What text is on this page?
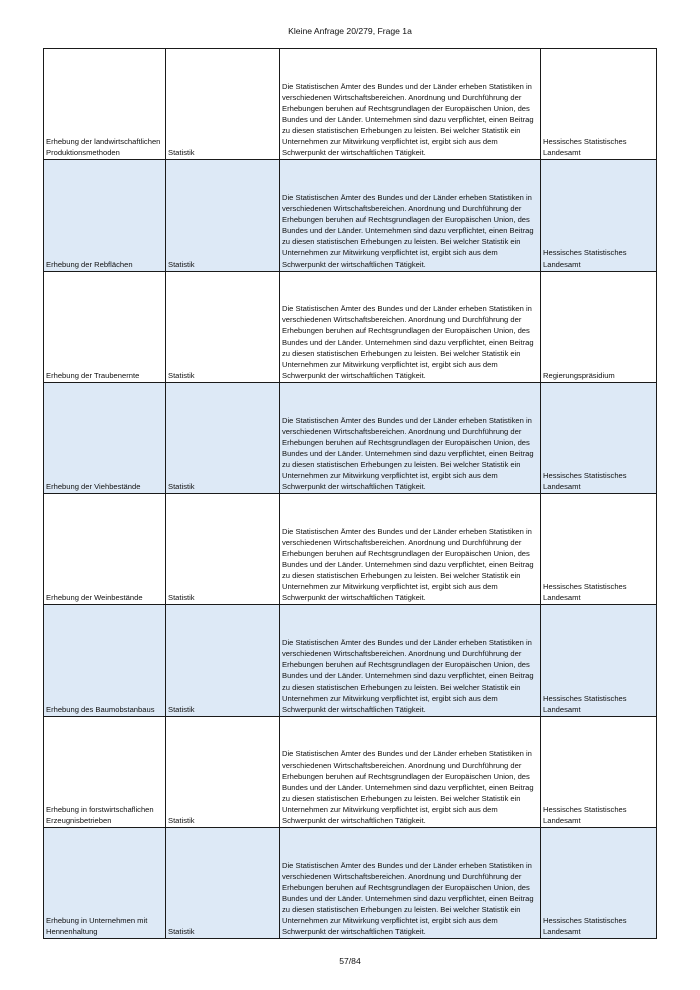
Kleine Anfrage 20/279, Frage 1a
Erhebung der landwirtschaftlichen Produktionsmethoden	Statistik	Die Statistischen Ämter des Bundes und der Länder erheben Statistiken in verschiedenen Wirtschaftsbereichen. Anordnung und Durchführung der Erhebungen beruhen auf Rechtsgrundlagen der Europäischen Union, des Bundes und der Länder. Unternehmen sind dazu verpflichtet, einen Beitrag zu diesen statistischen Erhebungen zu leisten. Bei welcher Statistik ein Unternehmen zur Mitwirkung verpflichtet ist, ergibt sich aus dem Schwerpunkt der wirtschaftlichen Tätigkeit.	Hessisches Statistisches Landesamt
Erhebung der Rebflächen	Statistik	Die Statistischen Ämter des Bundes und der Länder erheben Statistiken in verschiedenen Wirtschaftsbereichen. Anordnung und Durchführung der Erhebungen beruhen auf Rechtsgrundlagen der Europäischen Union, des Bundes und der Länder. Unternehmen sind dazu verpflichtet, einen Beitrag zu diesen statistischen Erhebungen zu leisten. Bei welcher Statistik ein Unternehmen zur Mitwirkung verpflichtet ist, ergibt sich aus dem Schwerpunkt der wirtschaftlichen Tätigkeit.	Hessisches Statistisches Landesamt
Erhebung der Traubenernte	Statistik	Die Statistischen Ämter des Bundes und der Länder erheben Statistiken in verschiedenen Wirtschaftsbereichen. Anordnung und Durchführung der Erhebungen beruhen auf Rechtsgrundlagen der Europäischen Union, des Bundes und der Länder. Unternehmen sind dazu verpflichtet, einen Beitrag zu diesen statistischen Erhebungen zu leisten. Bei welcher Statistik ein Unternehmen zur Mitwirkung verpflichtet ist, ergibt sich aus dem Schwerpunkt der wirtschaftlichen Tätigkeit.	Regierungspräsidium
Erhebung der Viehbestände	Statistik	Die Statistischen Ämter des Bundes und der Länder erheben Statistiken in verschiedenen Wirtschaftsbereichen. Anordnung und Durchführung der Erhebungen beruhen auf Rechtsgrundlagen der Europäischen Union, des Bundes und der Länder. Unternehmen sind dazu verpflichtet, einen Beitrag zu diesen statistischen Erhebungen zu leisten. Bei welcher Statistik ein Unternehmen zur Mitwirkung verpflichtet ist, ergibt sich aus dem Schwerpunkt der wirtschaftlichen Tätigkeit.	Hessisches Statistisches Landesamt
Erhebung der Weinbestände	Statistik	Die Statistischen Ämter des Bundes und der Länder erheben Statistiken in verschiedenen Wirtschaftsbereichen. Anordnung und Durchführung der Erhebungen beruhen auf Rechtsgrundlagen der Europäischen Union, des Bundes und der Länder. Unternehmen sind dazu verpflichtet, einen Beitrag zu diesen statistischen Erhebungen zu leisten. Bei welcher Statistik ein Unternehmen zur Mitwirkung verpflichtet ist, ergibt sich aus dem Schwerpunkt der wirtschaftlichen Tätigkeit.	Hessisches Statistisches Landesamt
Erhebung des Baumobstanbaus	Statistik	Die Statistischen Ämter des Bundes und der Länder erheben Statistiken in verschiedenen Wirtschaftsbereichen. Anordnung und Durchführung der Erhebungen beruhen auf Rechtsgrundlagen der Europäischen Union, des Bundes und der Länder. Unternehmen sind dazu verpflichtet, einen Beitrag zu diesen statistischen Erhebungen zu leisten. Bei welcher Statistik ein Unternehmen zur Mitwirkung verpflichtet ist, ergibt sich aus dem Schwerpunkt der wirtschaftlichen Tätigkeit.	Hessisches Statistisches Landesamt
Erhebung in forstwirtschaflichen Erzeugnisbetrieben	Statistik	Die Statistischen Ämter des Bundes und der Länder erheben Statistiken in verschiedenen Wirtschaftsbereichen. Anordnung und Durchführung der Erhebungen beruhen auf Rechtsgrundlagen der Europäischen Union, des Bundes und der Länder. Unternehmen sind dazu verpflichtet, einen Beitrag zu diesen statistischen Erhebungen zu leisten. Bei welcher Statistik ein Unternehmen zur Mitwirkung verpflichtet ist, ergibt sich aus dem Schwerpunkt der wirtschaftlichen Tätigkeit.	Hessisches Statistisches Landesamt
Erhebung in Unternehmen mit Hennenhaltung	Statistik	Die Statistischen Ämter des Bundes und der Länder erheben Statistiken in verschiedenen Wirtschaftsbereichen. Anordnung und Durchführung der Erhebungen beruhen auf Rechtsgrundlagen der Europäischen Union, des Bundes und der Länder. Unternehmen sind dazu verpflichtet, einen Beitrag zu diesen statistischen Erhebungen zu leisten. Bei welcher Statistik ein Unternehmen zur Mitwirkung verpflichtet ist, ergibt sich aus dem Schwerpunkt der wirtschaftlichen Tätigkeit.	Hessisches Statistisches Landesamt
57/84
